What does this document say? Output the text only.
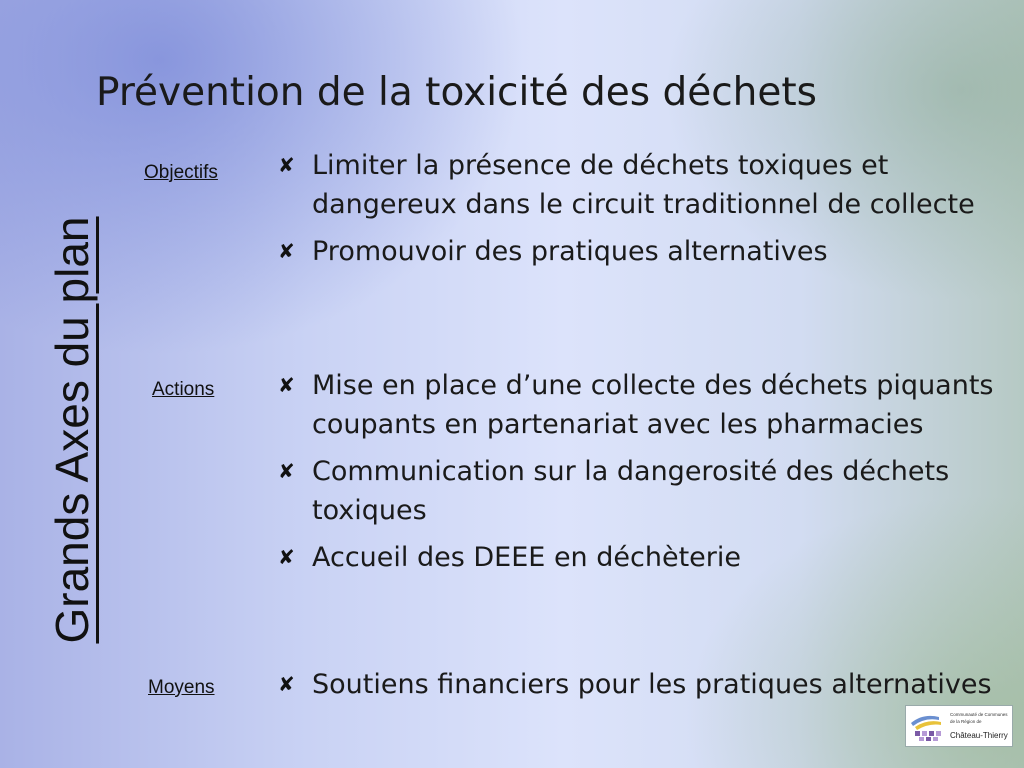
Prévention de la toxicité des déchets
Grands Axes du plan
Objectifs
Actions
Moyens
✘ Limiter la présence de déchets toxiques et dangereux dans le circuit traditionnel de collecte
✘ Promouvoir des pratiques alternatives
✘ Mise en place d’une collecte des déchets piquants coupants en partenariat avec les pharmacies
✘ Communication sur la dangerosité des déchets toxiques
✘ Accueil des DEEE en déchèterie
✘ Soutiens financiers pour les pratiques alternatives
Communauté de Communes
de la Région de
Château-Thierry
